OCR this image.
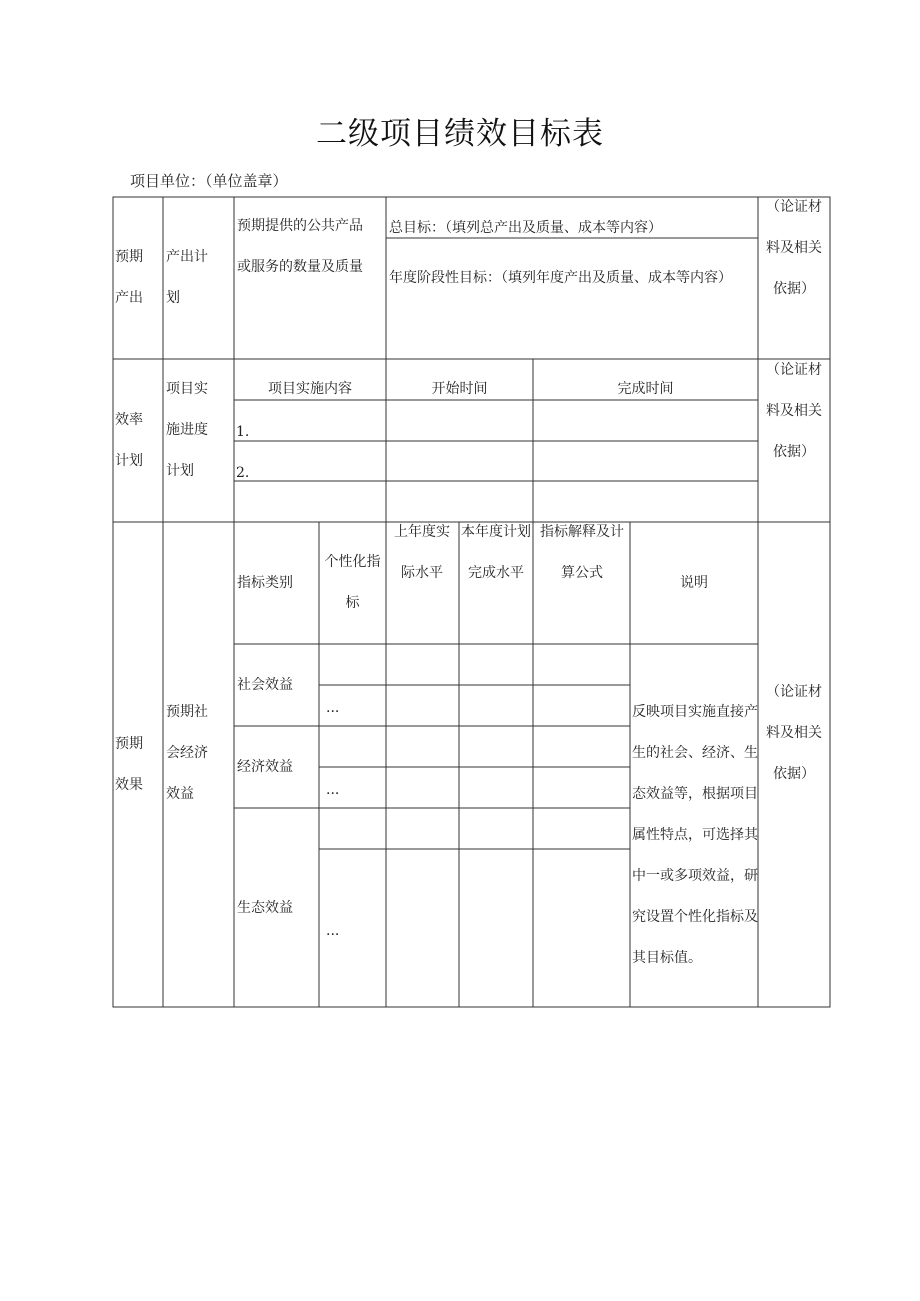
二级项目绩效目标表
项目单位：（单位盖章）
预期产出
产出计划
预期提供的公共产品或服务的数量及质量
总目标：（填列总产出及质量、成本等内容）
年度阶段性目标：（填列年度产出及质量、成本等内容）
（论证材料及相关依据）
效率计划
项目实施进度计划
项目实施内容	开始时间	完成时间
1.
2.
（论证材料及相关依据）
预期效果
预期社会经济效益
指标类别
个性化指标
上年度实际水平
本年度计划完成水平
指标解释及计算公式
说明
社会效益
经济效益
生态效益
...
...
...
反映项目实施直接产生的社会、经济、生态效益等，根据项目属性特点，可选择其中一或多项效益，研究设置个性化指标及其目标值。
（论证材料及相关依据）
